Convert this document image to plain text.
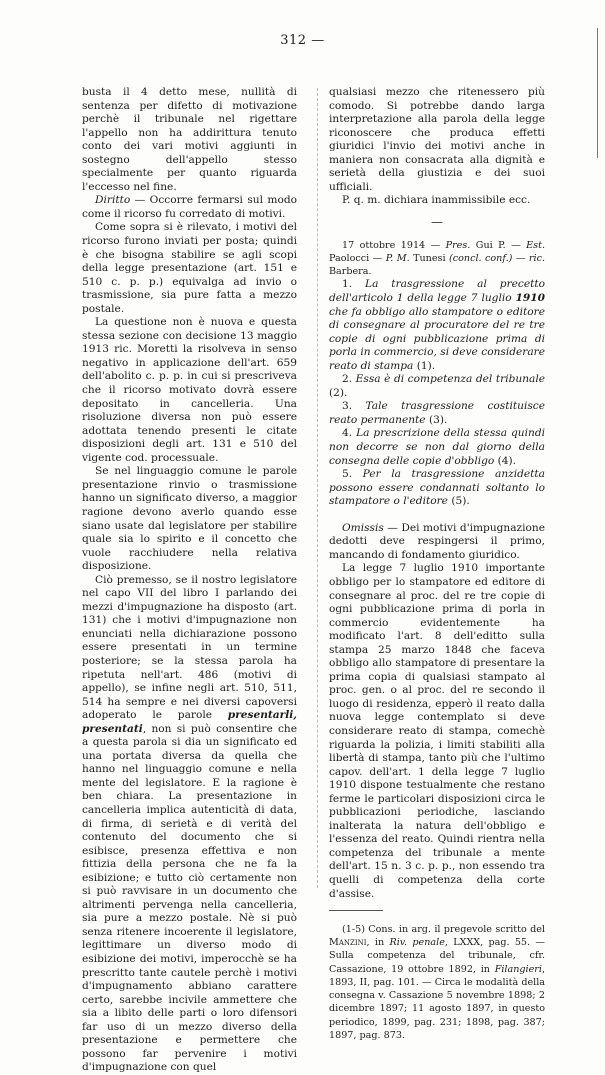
312 —

busta il 4 detto mese, nullità di sentenza per difetto di motivazione perchè il tribunale nel rigettare l'appello non ha addirittura tenuto conto dei vari motivi aggiunti in sostegno dell'appello stesso specialmente per quanto riguarda l'eccesso nel fine.

Diritto — Occorre fermarsi sul modo come il ricorso fu corredato di motivi.

Come sopra si è rilevato, i motivi del ricorso furono inviati per posta; quindi è che bisogna stabilire se agli scopi della legge presentazione (art. 151 e 510 c. p. p.) equivalga ad invio o trasmissione, sia pure fatta a mezzo postale.

La questione non è nuova e questa stessa sezione con decisione 13 maggio 1913 ric. Moretti la risolveva in senso negativo in applicazione dell'art. 659 dell'abolito c. p. p. in cui si prescriveva che il ricorso motivato dovrà essere depositato in cancelleria. Una risoluzione diversa non può essere adottata tenendo presenti le citate disposizioni degli art. 131 e 510 del vigente cod. processuale.

Se nel linguaggio comune le parole presentazione rinvio o trasmissione hanno un significato diverso, a maggior ragione devono averlo quando esse siano usate dal legislatore per stabilire quale sia lo spirito e il concetto che vuole racchiudere nella relativa disposizione.

Ciò premesso, se il nostro legislatore nel capo VII del libro I parlando dei mezzi d'impugnazione ha disposto (art. 131) che i motivi d'impugnazione non enunciati nella dichiarazione possono essere presentati in un termine posteriore; se la stessa parola ha ripetuta nell'art. 486 (motivi di appello), se infine negli art. 510, 511, 514 ha sempre e nei diversi capoversi adoperato le parole presentarli, presentati, non si può consentire che a questa parola si dia un significato ed una portata diversa da quella che hanno nel linguaggio comune e nella mente del legislatore. E la ragione è ben chiara. La presentazione in cancelleria implica autenticità di data, di firma, di serietà e di verità del contenuto del documento che si esibisce, presenza effettiva e non fittizia della persona che ne fa la esibizione; e tutto ciò certamente non si può ravvisare in un documento che altrimenti pervenga nella cancelleria, sia pure a mezzo postale. Nè si può senza ritenere incoerente il legislatore, legittimare un diverso modo di esibizione dei motivi, imperocchè se ha prescritto tante cautele perchè i motivi d'impugnamento abbiano carattere certo, sarebbe incivile ammettere che sia a libito delle parti o loro difensori far uso di un mezzo diverso della presentazione e permettere che possono far pervenire i motivi d'impugnazione con quel

qualsiasi mezzo che ritenessero più comodo. Si potrebbe dando larga interpretazione alla parola della legge riconoscere che produca effetti giuridici l'invio dei motivi anche in maniera non consacrata alla dignità e serietà della giustizia e dei suoi ufficiali.

P. q. m. dichiara inammissibile ecc.

—

17 ottobre 1914 — Pres. Gui P. — Est. Paolocci — P. M. Tunesi (concl. conf.) — ric. Barbera.

1. La trasgressione al precetto dell'articolo 1 della legge 7 luglio 1910 che fa obbligo allo stampatore o editore di consegnare al procuratore del re tre copie di ogni pubblicazione prima di porla in commercio, si deve considerare reato di stampa (1).

2. Essa è di competenza del tribunale (2).

3. Tale trasgressione costituisce reato permanente (3).

4. La prescrizione della stessa quindi non decorre se non dal giorno della consegna delle copie d'obbligo (4).

5. Per la trasgressione anzidetta possono essere condannati soltanto lo stampatore o l'editore (5).

Omissis — Dei motivi d'impugnazione dedotti deve respingersi il primo, mancando di fondamento giuridico.

La legge 7 luglio 1910 importante obbligo per lo stampatore ed editore di consegnare al proc. del re tre copie di ogni pubblicazione prima di porla in commercio evidentemente ha modificato l'art. 8 dell'editto sulla stampa 25 marzo 1848 che faceva obbligo allo stampatore di presentare la prima copia di qualsiasi stampato al proc. gen. o al proc. del re secondo il luogo di residenza, epperò il reato dalla nuova legge contemplato si deve considerare reato di stampa, comechè riguarda la polizia, i limiti stabiliti alla libertà di stampa, tanto più che l'ultimo capov. dell'art. 1 della legge 7 luglio 1910 dispone testualmente che restano ferme le particolari disposizioni circa le pubblicazioni periodiche, lasciando inalterata la natura dell'obbligo e l'essenza del reato. Quindi rientra nella competenza del tribunale a mente dell'art. 15 n. 3 c. p. p., non essendo tra quelli di competenza della corte d'assise.

(1-5) Cons. in arg. il pregevole scritto del Manzini, in Riv. penale, LXXX, pag. 55. — Sulla competenza del tribunale, cfr. Cassazione, 19 ottobre 1892, in Filangieri, 1893, II, pag. 101. — Circa le modalità della consegna v. Cassazione 5 novembre 1898; 2 dicembre 1897; 11 agosto 1897, in questo periodico, 1899, pag. 231; 1898, pag. 387; 1897, pag. 873.
